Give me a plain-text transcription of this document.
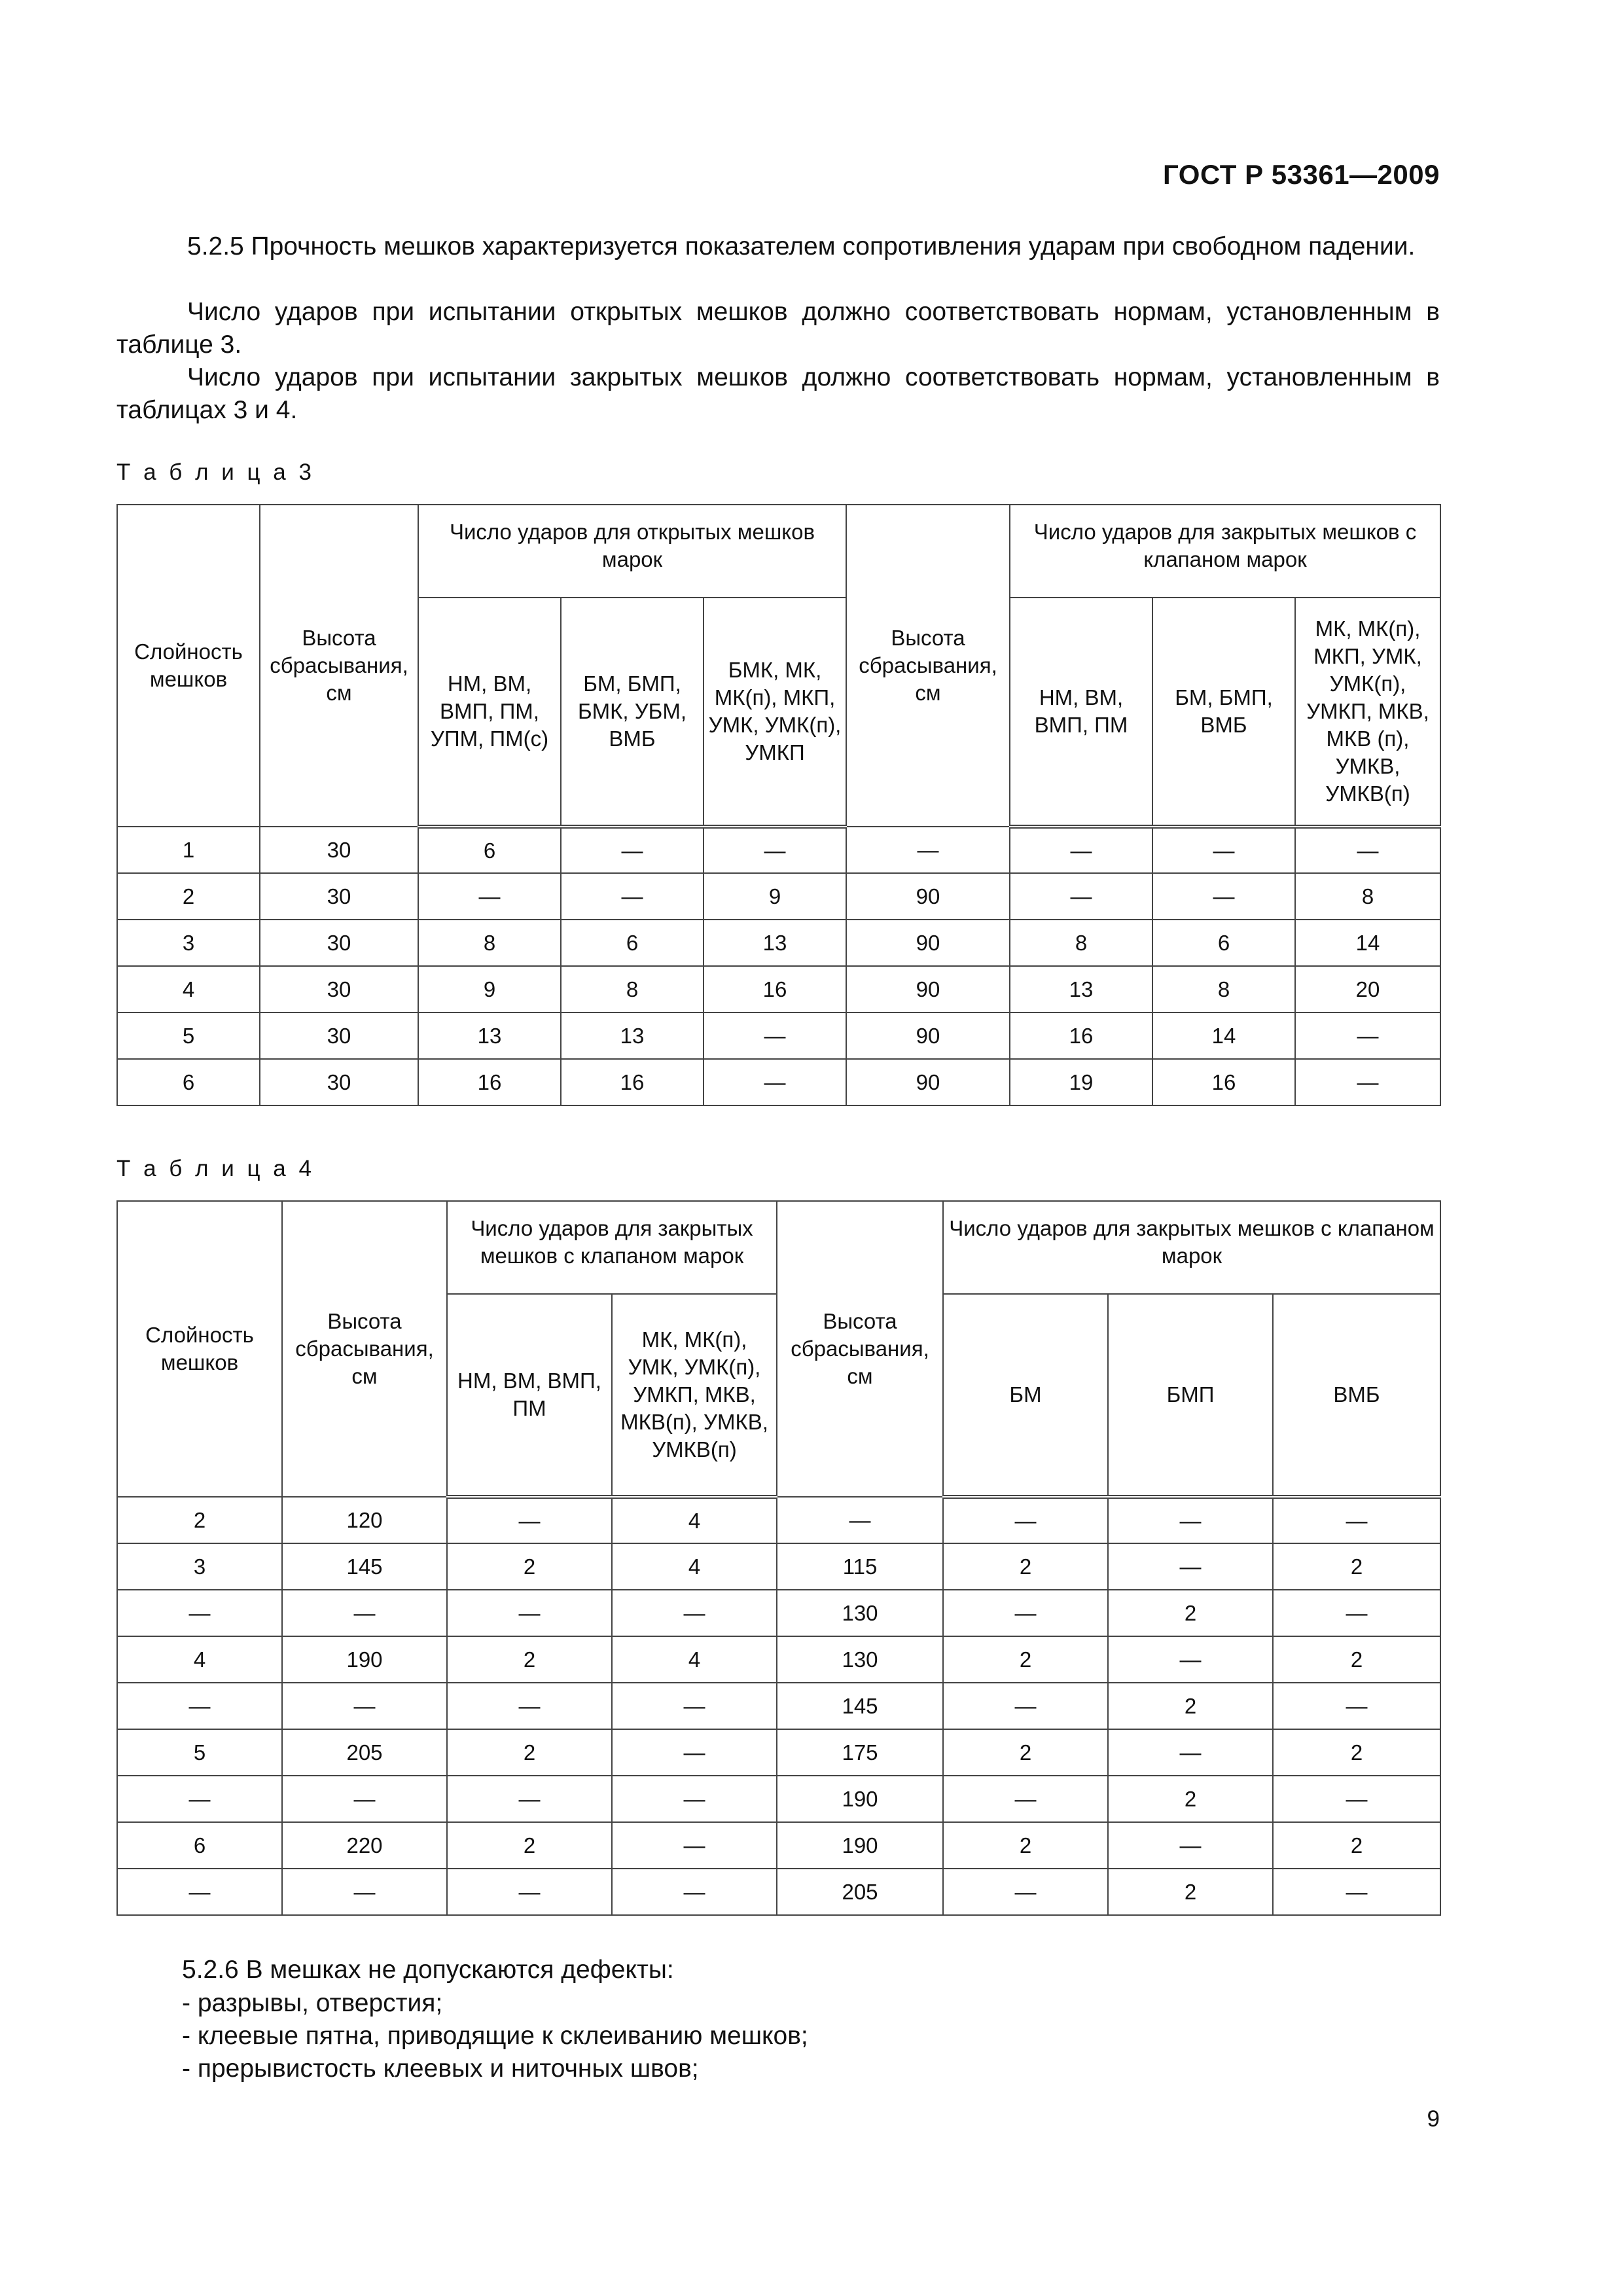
ГОСТ Р 53361—2009
5.2.5 Прочность мешков характеризуется показателем сопротивления ударам при свободном падении.
Число ударов при испытании открытых мешков должно соответствовать нормам, установленным в таблице 3.
Число ударов при испытании закрытых мешков должно соответствовать нормам, установленным в таблицах 3 и 4.
Т а б л и ц а 3
Слойность мешков	Высота сбрасывания, см	Число ударов для открытых мешков марок			Высота сбрасывания, см	Число ударов для закрытых мешков с клапаном марок		
		НМ, ВМ, ВМП, ПМ, УПМ, ПМ(с)	БМ, БМП, БМК, УБМ, ВМБ	БМК, МК, МК(п), МКП, УМК, УМК(п), УМКП		НМ, ВМ, ВМП, ПМ	БМ, БМП, ВМБ	МК, МК(п), МКП, УМК, УМК(п), УМКП, МКВ, МКВ (п), УМКВ, УМКВ(п)
1	30	6	—	—	—	—	—	—
2	30	—	—	9	90	—	—	8
3	30	8	6	13	90	8	6	14
4	30	9	8	16	90	13	8	20
5	30	13	13	—	90	16	14	—
6	30	16	16	—	90	19	16	—
Т а б л и ц а 4
Слойность мешков	Высота сбрасывания, см	Число ударов для закрытых мешков с клапаном марок		Высота сбрасывания, см	Число ударов для закрытых мешков с клапаном марок		
		НМ, ВМ, ВМП, ПМ	МК, МК(п), УМК, УМК(п), УМКП, МКВ, МКВ(п), УМКВ, УМКВ(п)		БМ	БМП	ВМБ
2	120	—	4	—	—	—	—
3	145	2	4	115	2	—	2
—	—	—	—	130	—	2	—
4	190	2	4	130	2	—	2
—	—	—	—	145	—	2	—
5	205	2	—	175	2	—	2
—	—	—	—	190	—	2	—
6	220	2	—	190	2	—	2
—	—	—	—	205	—	2	—
5.2.6 В мешках не допускаются дефекты:
- разрывы, отверстия;
- клеевые пятна, приводящие к склеиванию мешков;
- прерывистость клеевых и ниточных швов;
9
